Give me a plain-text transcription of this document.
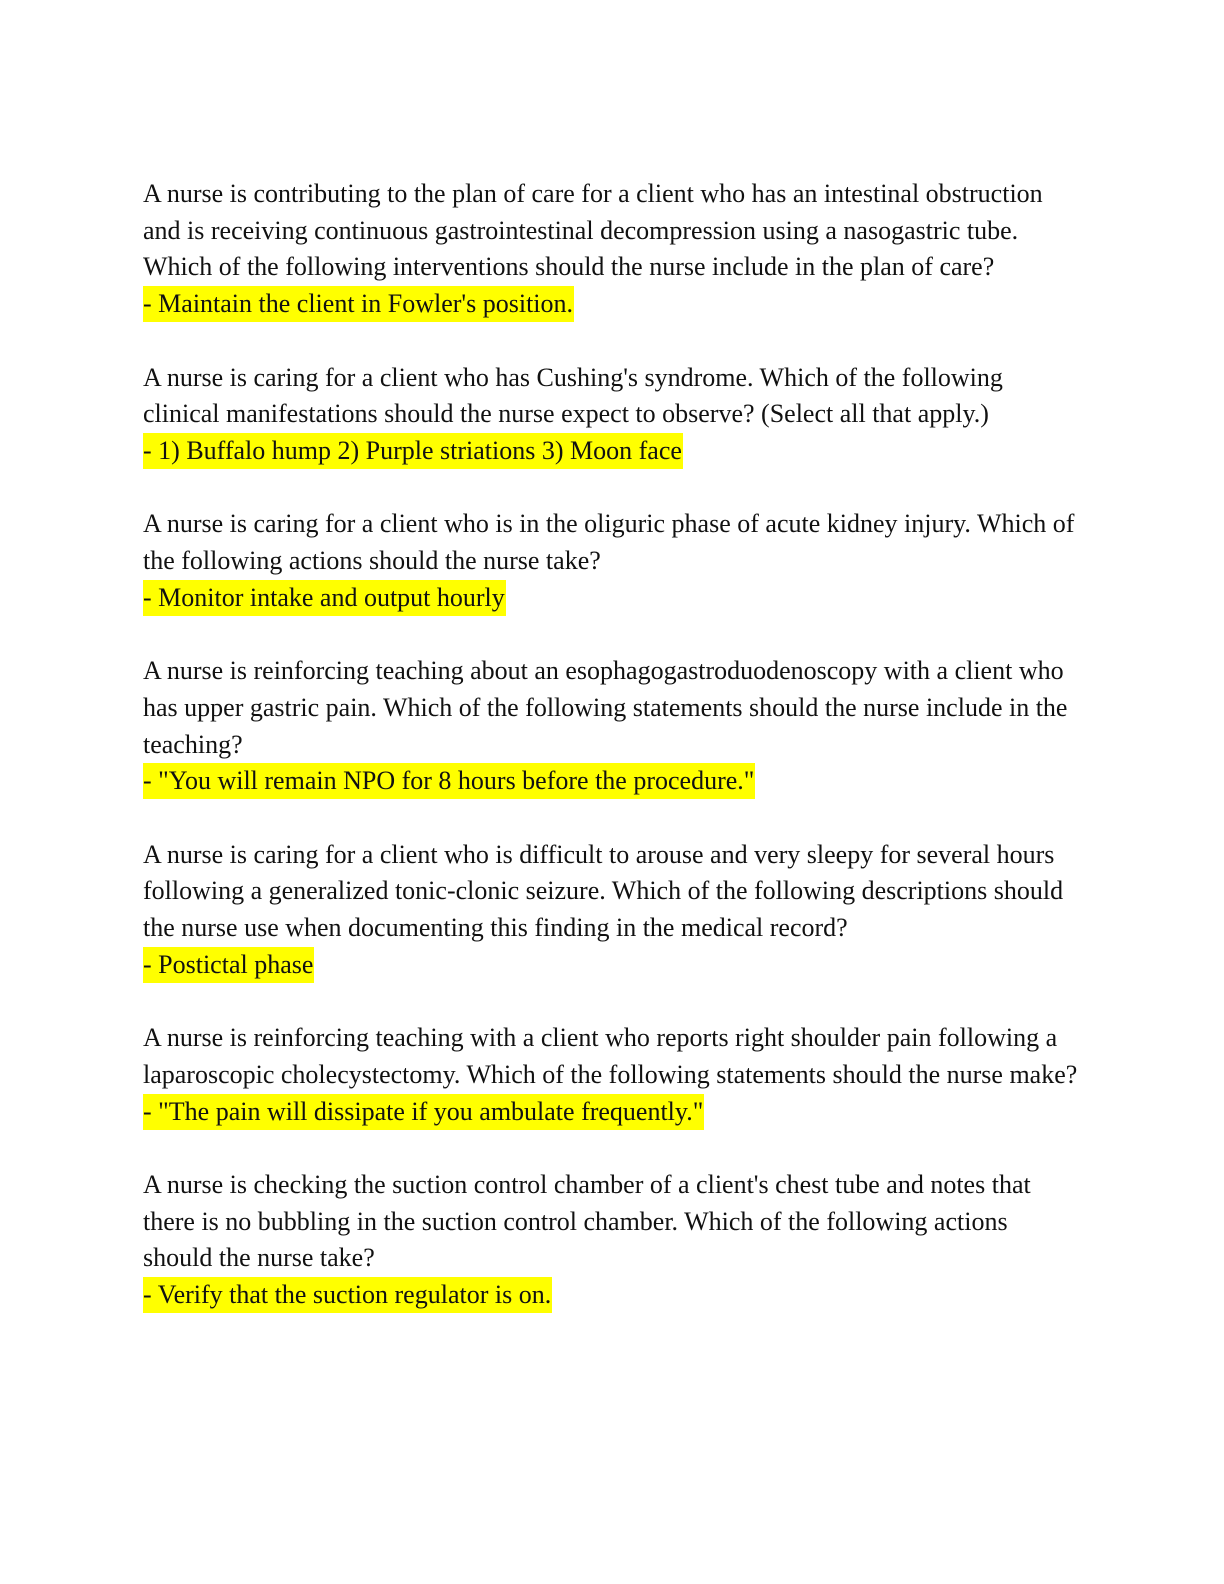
A nurse is contributing to the plan of care for a client who has an intestinal obstruction and is receiving continuous gastrointestinal decompression using a nasogastric tube. Which of the following interventions should the nurse include in the plan of care?

- Maintain the client in Fowler's position.

A nurse is caring for a client who has Cushing's syndrome. Which of the following clinical manifestations should the nurse expect to observe? (Select all that apply.)

- 1) Buffalo hump 2) Purple striations 3) Moon face

A nurse is caring for a client who is in the oliguric phase of acute kidney injury. Which of the following actions should the nurse take?

- Monitor intake and output hourly

A nurse is reinforcing teaching about an esophagogastroduodenoscopy with a client who has upper gastric pain. Which of the following statements should the nurse include in the teaching?

- "You will remain NPO for 8 hours before the procedure."

A nurse is caring for a client who is difficult to arouse and very sleepy for several hours following a generalized tonic-clonic seizure. Which of the following descriptions should the nurse use when documenting this finding in the medical record?

- Postictal phase

A nurse is reinforcing teaching with a client who reports right shoulder pain following a laparoscopic cholecystectomy. Which of the following statements should the nurse make?

- "The pain will dissipate if you ambulate frequently."

A nurse is checking the suction control chamber of a client's chest tube and notes that there is no bubbling in the suction control chamber. Which of the following actions should the nurse take?

- Verify that the suction regulator is on.
